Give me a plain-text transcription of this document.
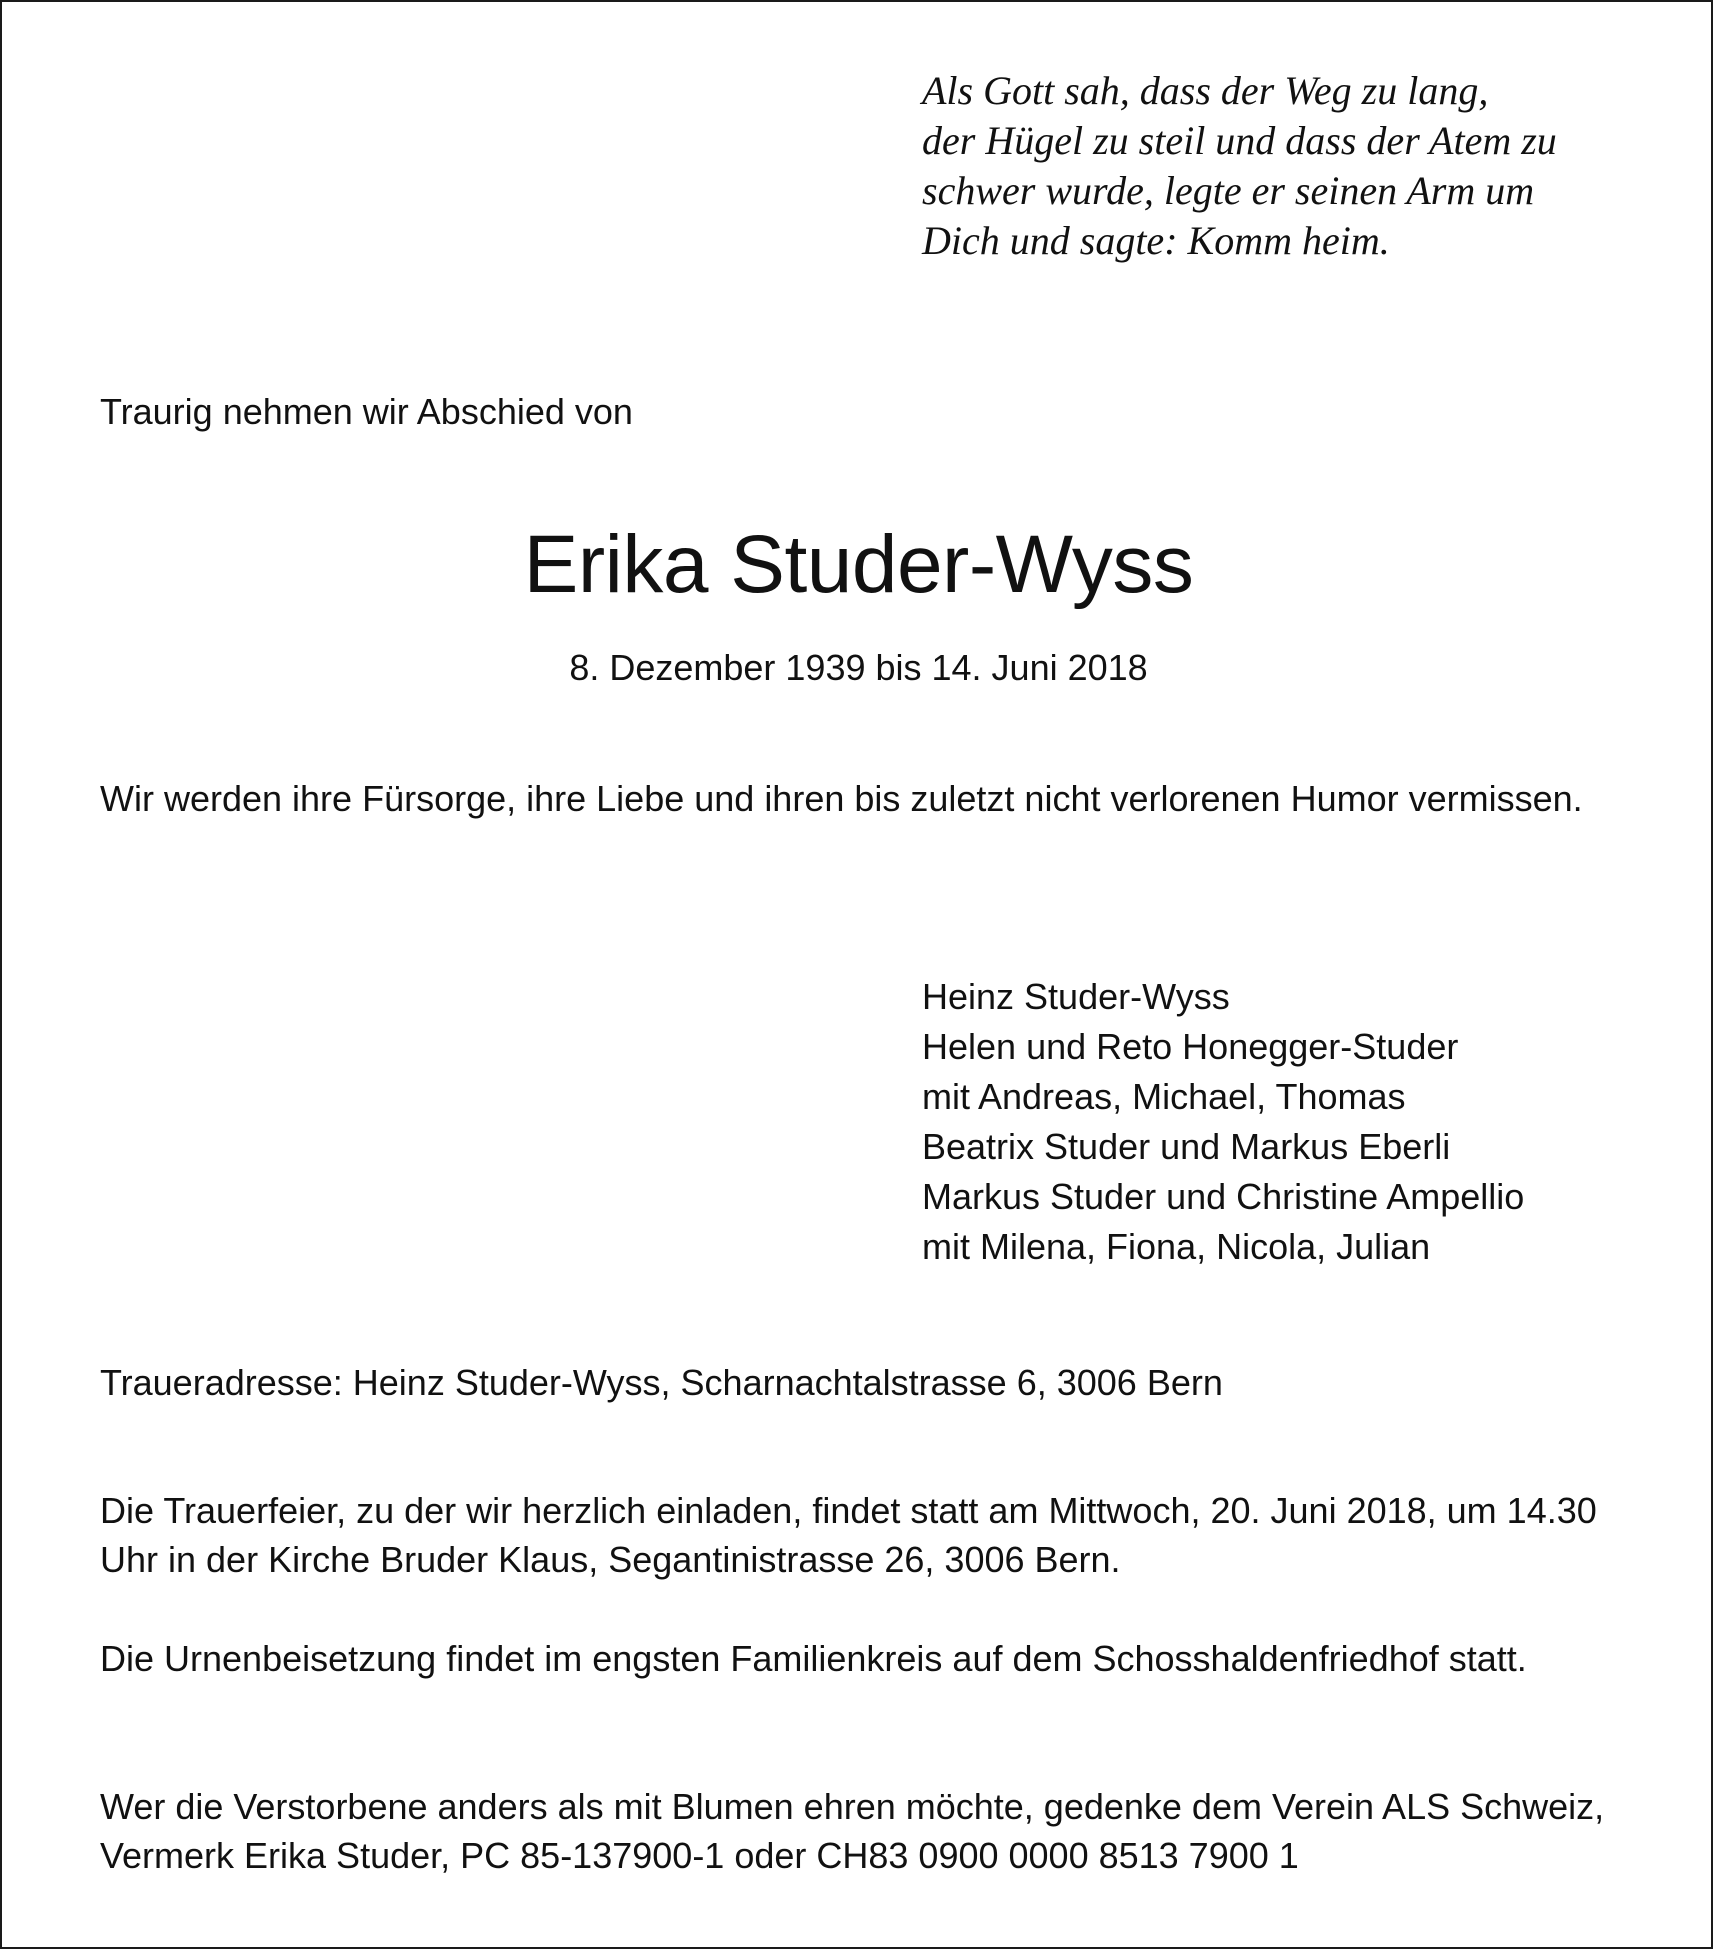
Als Gott sah, dass der Weg zu lang,
der Hügel zu steil und dass der Atem zu
schwer wurde, legte er seinen Arm um
Dich und sagte: Komm heim.
Traurig nehmen wir Abschied von
Erika Studer-Wyss
8. Dezember 1939 bis 14. Juni 2018
Wir werden ihre Fürsorge, ihre Liebe und ihren bis zuletzt nicht verlorenen Humor vermissen.
Heinz Studer-Wyss
Helen und Reto Honegger-Studer
mit Andreas, Michael, Thomas
Beatrix Studer und Markus Eberli
Markus Studer und Christine Ampellio
mit Milena, Fiona, Nicola, Julian
Traueradresse: Heinz Studer-Wyss, Scharnachtalstrasse 6, 3006 Bern
Die Trauerfeier, zu der wir herzlich einladen, findet statt am Mittwoch, 20. Juni 2018, um 14.30 Uhr in der Kirche Bruder Klaus, Segantinistrasse 26, 3006 Bern.
Die Urnenbeisetzung findet im engsten Familienkreis auf dem Schosshaldenfriedhof statt.
Wer die Verstorbene anders als mit Blumen ehren möchte, gedenke dem Verein ALS Schweiz, Vermerk Erika Studer, PC 85-137900-1 oder CH83 0900 0000 8513 7900 1
